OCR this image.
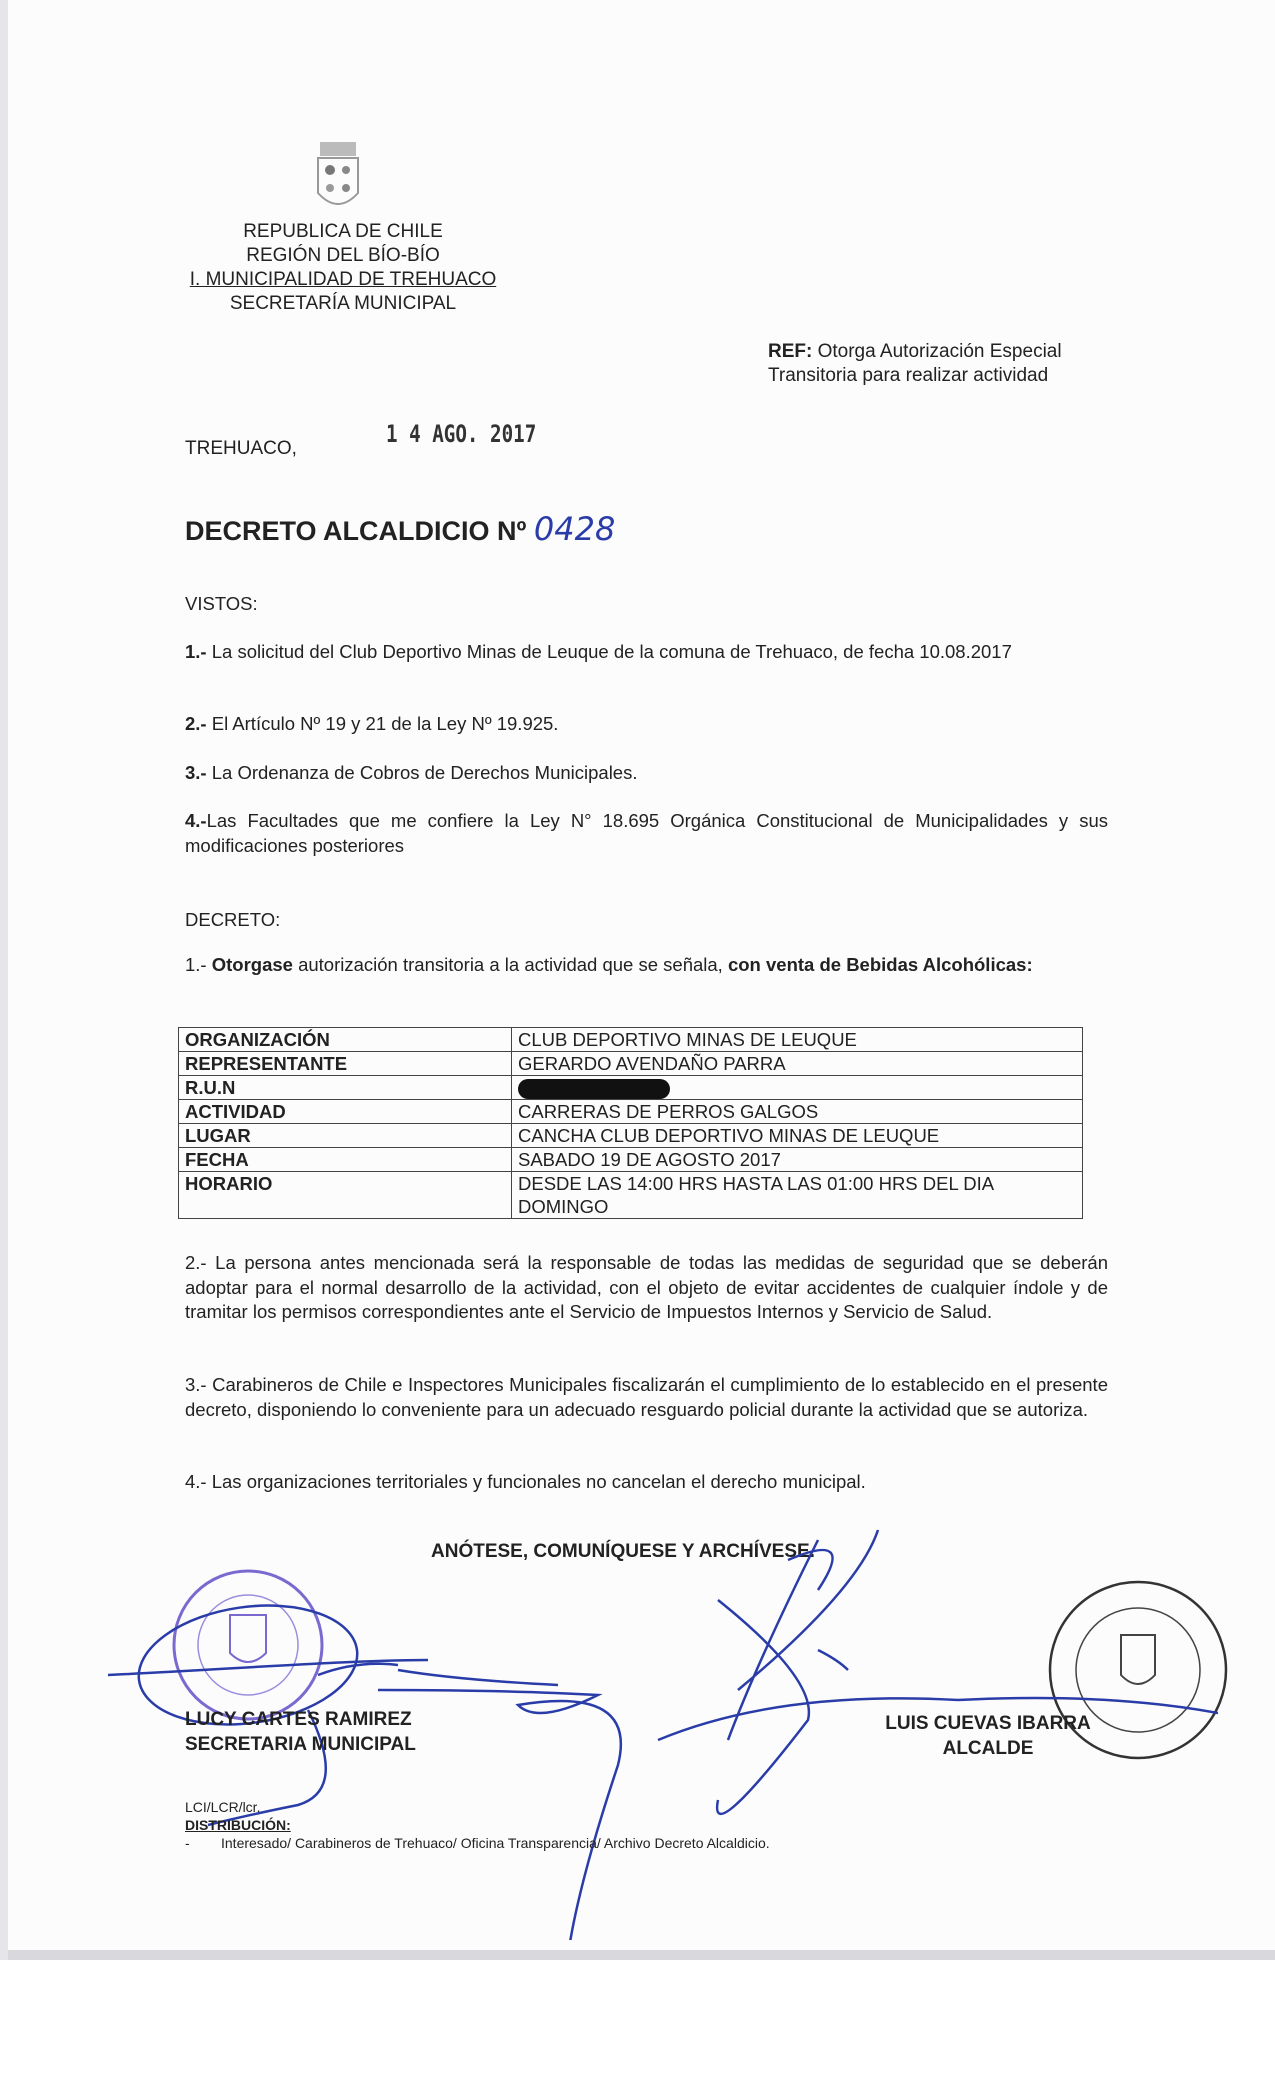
REPUBLICA DE CHILE
REGIÓN DEL BÍO-BÍO
I. MUNICIPALIDAD DE TREHUACO
SECRETARÍA MUNICIPAL
REF: Otorga Autorización Especial
Transitoria para realizar actividad
TREHUACO,
1 4 AGO. 2017
DECRETO ALCALDICIO Nº 0428
VISTOS:
1.- La solicitud del Club Deportivo Minas de Leuque de la comuna de Trehuaco, de fecha 10.08.2017
2.- El Artículo Nº 19 y 21 de la Ley Nº 19.925.
3.- La Ordenanza de Cobros de Derechos Municipales.
4.-Las Facultades que me confiere la Ley N° 18.695 Orgánica Constitucional de Municipalidades y sus modificaciones posteriores
DECRETO:
1.- Otorgase autorización transitoria a la actividad que se señala, con venta de Bebidas Alcohólicas:
ORGANIZACIÓN	CLUB DEPORTIVO MINAS DE LEUQUE
REPRESENTANTE	GERARDO AVENDAÑO PARRA
R.U.N	
ACTIVIDAD	CARRERAS DE PERROS GALGOS
LUGAR	CANCHA CLUB DEPORTIVO MINAS DE LEUQUE
FECHA	SABADO 19 DE AGOSTO 2017
HORARIO	DESDE LAS 14:00 HRS HASTA LAS 01:00 HRS DEL DIA DOMINGO
2.- La persona antes mencionada será la responsable de todas las medidas de seguridad que se deberán adoptar para el normal desarrollo de la actividad, con el objeto de evitar accidentes de cualquier índole y de tramitar los permisos correspondientes ante el Servicio de Impuestos Internos y Servicio de Salud.
3.- Carabineros de Chile e Inspectores Municipales fiscalizarán el cumplimiento de lo establecido en el presente decreto, disponiendo lo conveniente para un adecuado resguardo policial durante la actividad que se autoriza.
4.- Las organizaciones territoriales y funcionales no cancelan el derecho municipal.
ANÓTESE, COMUNÍQUESE Y ARCHÍVESE.
LUCY CARTES RAMIREZ
SECRETARIA MUNICIPAL
LUIS CUEVAS IBARRA
ALCALDE
LCI/LCR/lcr.
DISTRIBUCIÓN:
- Interesado/ Carabineros de Trehuaco/ Oficina Transparencia/ Archivo Decreto Alcaldicio.
